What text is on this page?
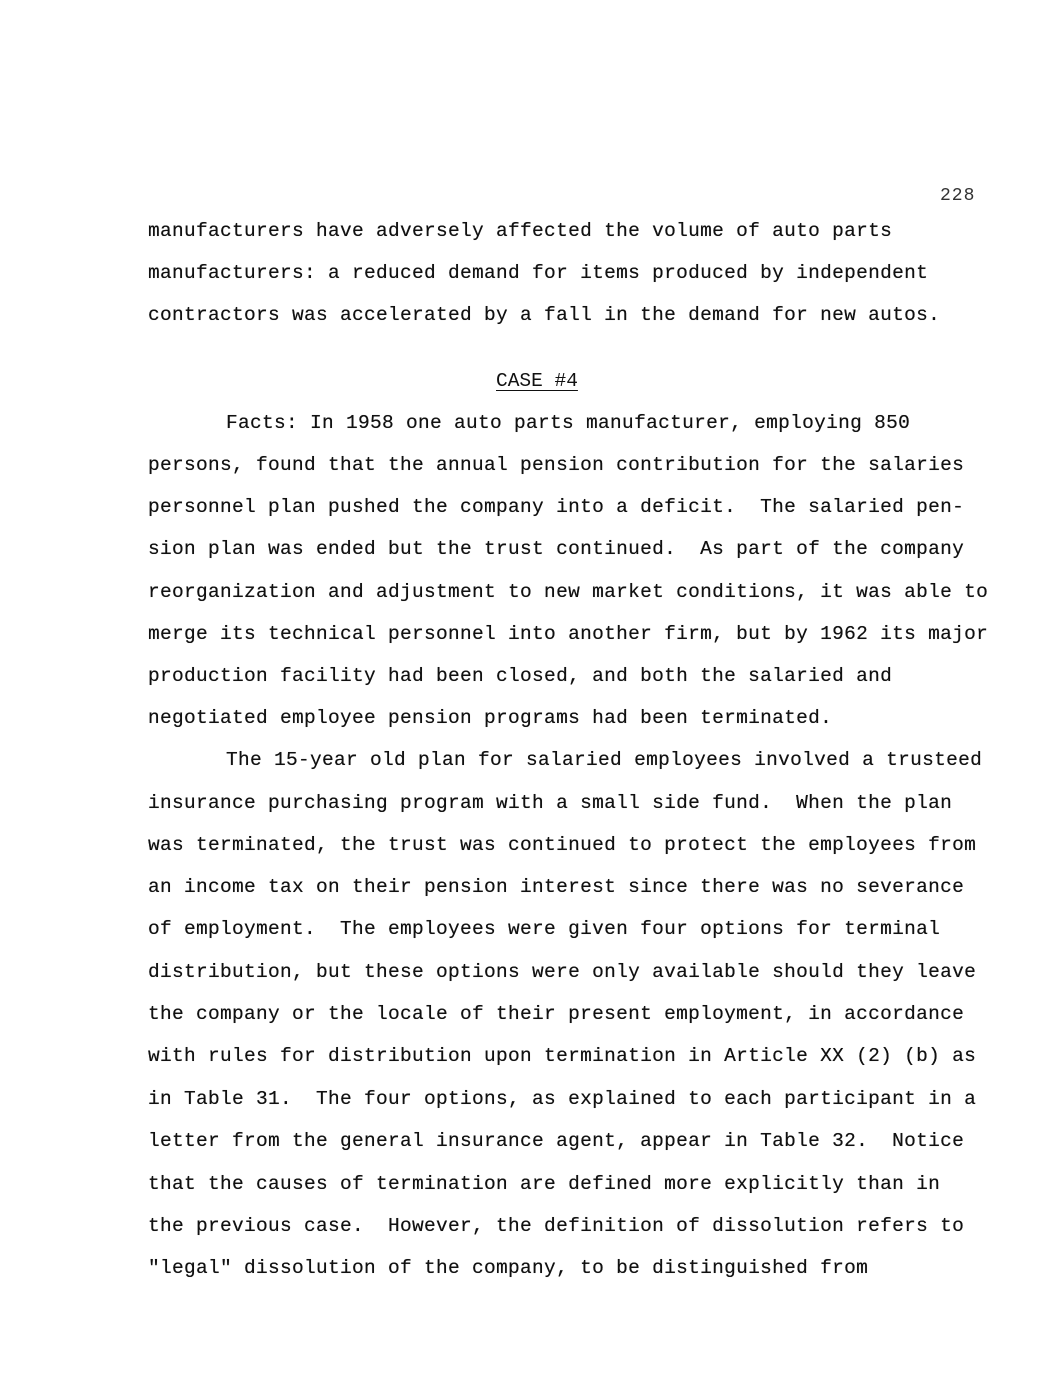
228
manufacturers have adversely affected the volume of auto parts
manufacturers: a reduced demand for items produced by independent
contractors was accelerated by a fall in the demand for new autos.
CASE #4
Facts: In 1958 one auto parts manufacturer, employing 850
persons, found that the annual pension contribution for the salaries
personnel plan pushed the company into a deficit.  The salaried pen-
sion plan was ended but the trust continued.  As part of the company
reorganization and adjustment to new market conditions, it was able to
merge its technical personnel into another firm, but by 1962 its major
production facility had been closed, and both the salaried and
negotiated employee pension programs had been terminated.
The 15-year old plan for salaried employees involved a trusteed
insurance purchasing program with a small side fund.  When the plan
was terminated, the trust was continued to protect the employees from
an income tax on their pension interest since there was no severance
of employment.  The employees were given four options for terminal
distribution, but these options were only available should they leave
the company or the locale of their present employment, in accordance
with rules for distribution upon termination in Article XX (2) (b) as
in Table 31.  The four options, as explained to each participant in a
letter from the general insurance agent, appear in Table 32.  Notice
that the causes of termination are defined more explicitly than in
the previous case.  However, the definition of dissolution refers to
"legal" dissolution of the company, to be distinguished from
